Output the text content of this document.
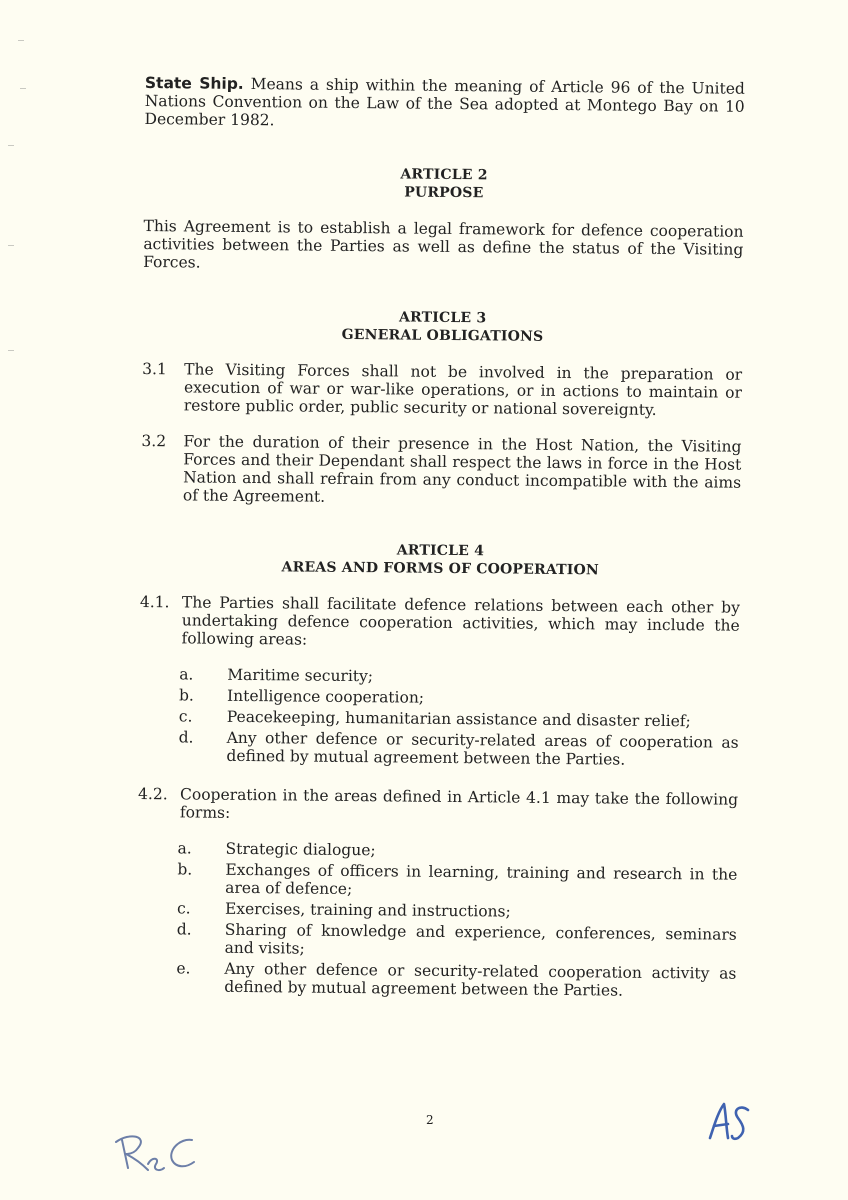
State Ship. Means a ship within the meaning of Article 96 of the United Nations Convention on the Law of the Sea adopted at Montego Bay on 10 December 1982.

ARTICLE 2
PURPOSE

This Agreement is to establish a legal framework for defence cooperation activities between the Parties as well as define the status of the Visiting Forces.

ARTICLE 3
GENERAL OBLIGATIONS
3.1	The Visiting Forces shall not be involved in the preparation or execution of war or war-like operations, or in actions to maintain or restore public order, public security or national sovereignty.
3.2	For the duration of their presence in the Host Nation, the Visiting Forces and their Dependant shall respect the laws in force in the Host Nation and shall refrain from any conduct incompatible with the aims of the Agreement.
ARTICLE 4
AREAS AND FORMS OF COOPERATION
4.1. The Parties shall facilitate defence relations between each other by undertaking defence cooperation activities, which may include the following areas:
a.	Maritime security;
b.	Intelligence cooperation;
c.	Peacekeeping, humanitarian assistance and disaster relief;
d.	Any other defence or security-related areas of cooperation as defined by mutual agreement between the Parties.
4.2. Cooperation in the areas defined in Article 4.1 may take the following forms:
a.	Strategic dialogue;
b.	Exchanges of officers in learning, training and research in the area of defence;
c.	Exercises, training and instructions;
d.	Sharing of knowledge and experience, conferences, seminars and visits;
e.	Any other defence or security-related cooperation activity as defined by mutual agreement between the Parties.
2
